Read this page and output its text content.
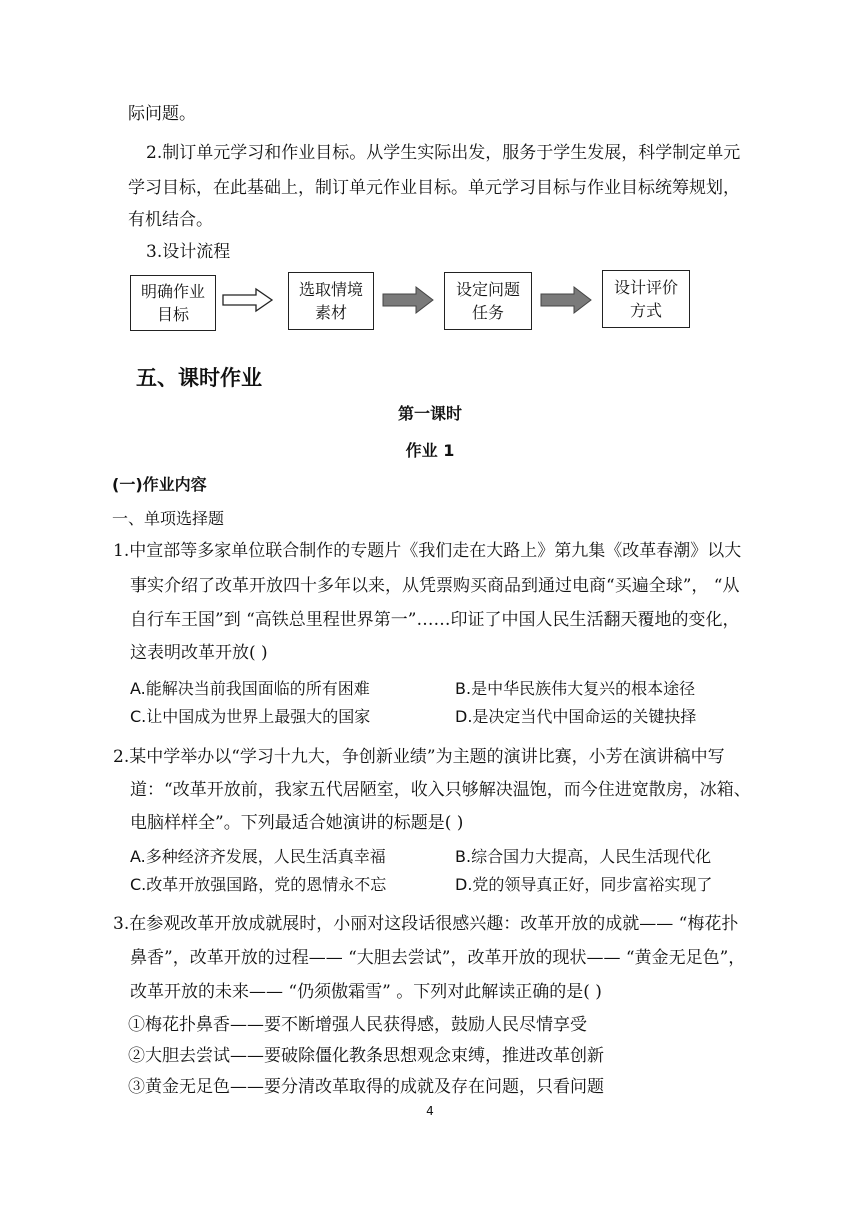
际问题。
2.制订单元学习和作业目标。从学生实际出发，服务于学生发展，科学制定单元
学习目标，在此基础上，制订单元作业目标。单元学习目标与作业目标统筹规划，
有机结合。
3.设计流程
明确作业目标
选取情境素材
设定问题任务
设计评价方式
五、课时作业
第一课时
作业 1
(一)作业内容
一、单项选择题
1.中宣部等多家单位联合制作的专题片《我们走在大路上》第九集《改革春潮》以大
事实介绍了改革开放四十多年以来，从凭票购买商品到通过电商“买遍全球”， “从
自行车王国”到 “高铁总里程世界第一”……印证了中国人民生活翻天覆地的变化，
这表明改革开放( )
A.能解决当前我国面临的所有困难	B.是中华民族伟大复兴的根本途径
C.让中国成为世界上最强大的国家	D.是决定当代中国命运的关键抉择
2.某中学举办以“学习十九大，争创新业绩”为主题的演讲比赛，小芳在演讲稿中写
道：“改革开放前，我家五代居陋室，收入只够解决温饱，而今住进宽散房，冰箱、
电脑样样全”。下列最适合她演讲的标题是( )
A.多种经济齐发展，人民生活真幸福	B.综合国力大提高，人民生活现代化
C.改革开放强国路，党的恩情永不忘	D.党的领导真正好，同步富裕实现了
3.在参观改革开放成就展时，小丽对这段话很感兴趣：改革开放的成就—— “梅花扑
鼻香”，改革开放的过程—— “大胆去尝试”，改革开放的现状—— “黄金无足色”，
改革开放的未来—— “仍须傲霜雪” 。下列对此解读正确的是( )
①梅花扑鼻香——要不断增强人民获得感，鼓励人民尽情享受
②大胆去尝试——要破除僵化教条思想观念束缚，推进改革创新
③黄金无足色——要分清改革取得的成就及存在问题，只看问题
4
